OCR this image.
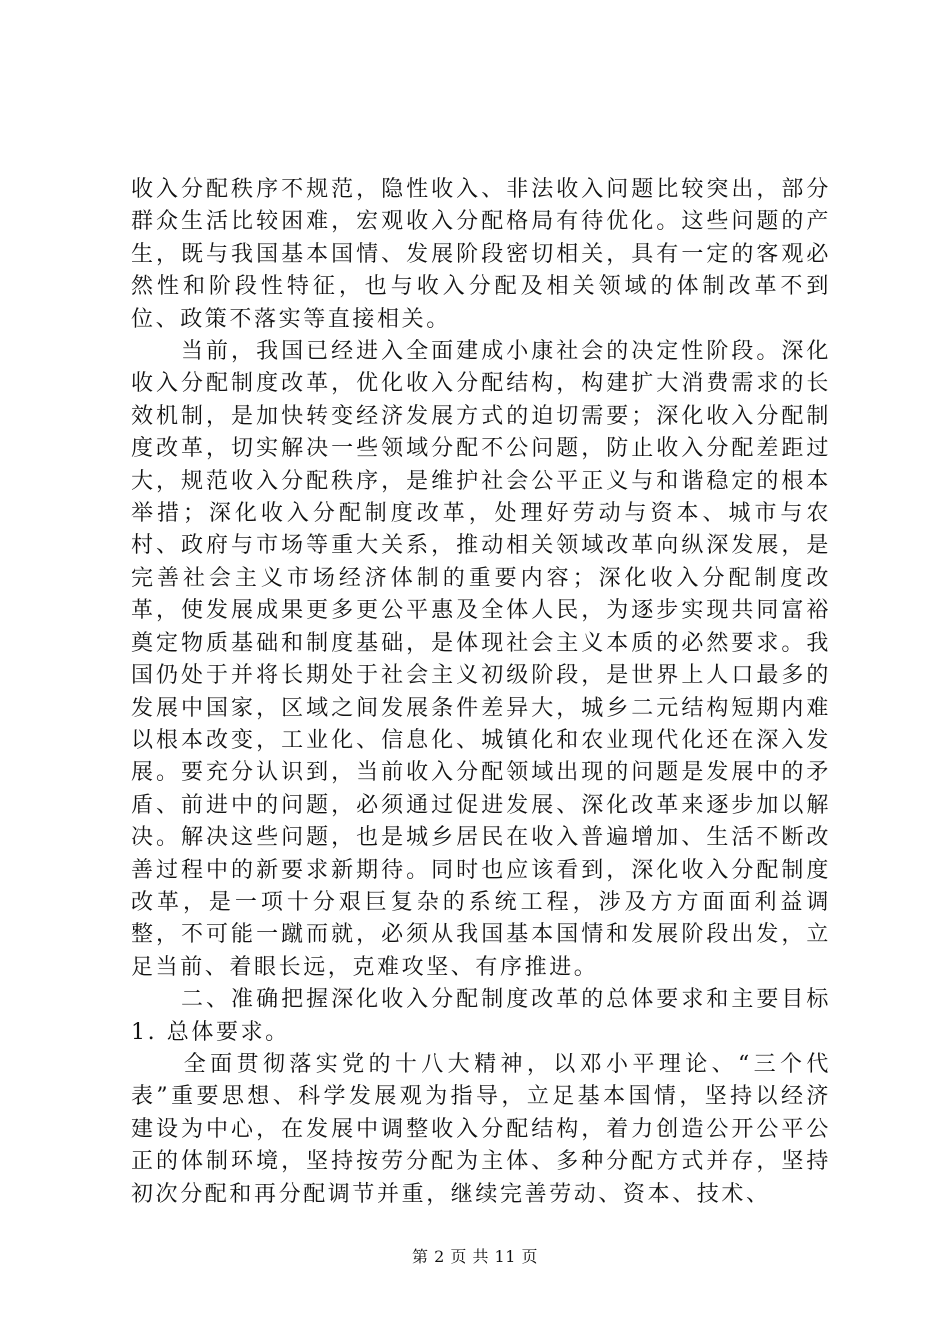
收入分配秩序不规范，隐性收入、非法收入问题比较突出，部分群众生活比较困难，宏观收入分配格局有待优化。这些问题的产生，既与我国基本国情、发展阶段密切相关，具有一定的客观必然性和阶段性特征，也与收入分配及相关领域的体制改革不到位、政策不落实等直接相关。

　　当前，我国已经进入全面建成小康社会的决定性阶段。深化收入分配制度改革，优化收入分配结构，构建扩大消费需求的长效机制，是加快转变经济发展方式的迫切需要；深化收入分配制度改革，切实解决一些领域分配不公问题，防止收入分配差距过大，规范收入分配秩序，是维护社会公平正义与和谐稳定的根本举措；深化收入分配制度改革，处理好劳动与资本、城市与农村、政府与市场等重大关系，推动相关领域改革向纵深发展，是完善社会主义市场经济体制的重要内容；深化收入分配制度改革，使发展成果更多更公平惠及全体人民，为逐步实现共同富裕奠定物质基础和制度基础，是体现社会主义本质的必然要求。我国仍处于并将长期处于社会主义初级阶段，是世界上人口最多的发展中国家，区域之间发展条件差异大，城乡二元结构短期内难以根本改变，工业化、信息化、城镇化和农业现代化还在深入发展。要充分认识到，当前收入分配领域出现的问题是发展中的矛盾、前进中的问题，必须通过促进发展、深化改革来逐步加以解决。解决这些问题，也是城乡居民在收入普遍增加、生活不断改善过程中的新要求新期待。同时也应该看到，深化收入分配制度改革，是一项十分艰巨复杂的系统工程，涉及方方面面利益调整，不可能一蹴而就，必须从我国基本国情和发展阶段出发，立足当前、着眼长远，克难攻坚、有序推进。

　　二、准确把握深化收入分配制度改革的总体要求和主要目标 1. 总体要求。

　　全面贯彻落实党的十八大精神，以邓小平理论、“三个代表”重要思想、科学发展观为指导，立足基本国情，坚持以经济建设为中心，在发展中调整收入分配结构，着力创造公开公平公正的体制环境，坚持按劳分配为主体、多种分配方式并存，坚持初次分配和再分配调节并重，继续完善劳动、资本、技术、

第 2 页 共 11 页
